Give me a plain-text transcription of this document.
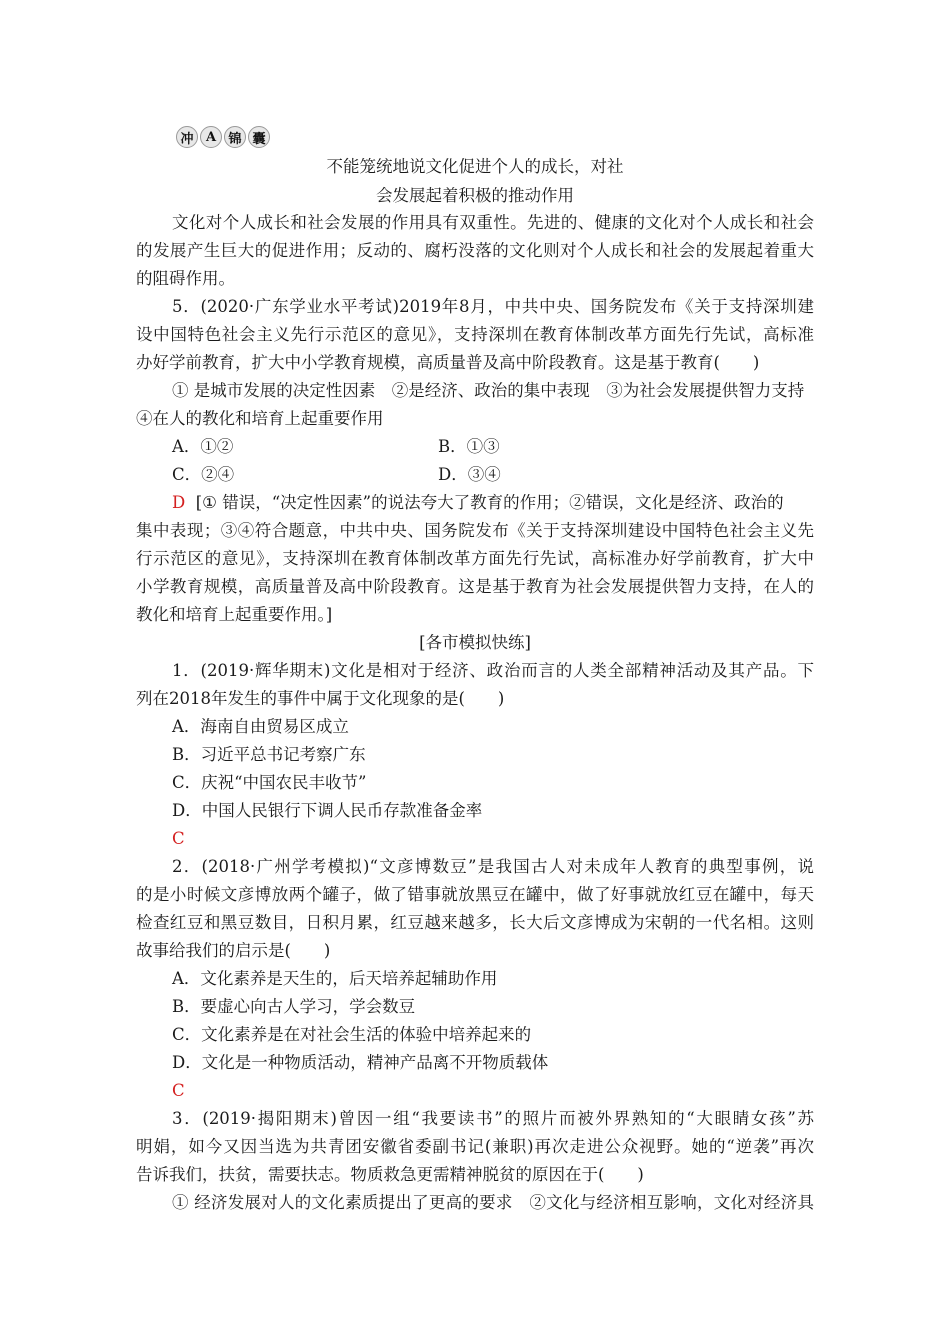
冲 A 锦 囊
不能笼统地说文化促进个人的成长，对社
会发展起着积极的推动作用
文化对个人成长和社会发展的作用具有双重性。先进的、健康的文化对个人成长和社会
的发展产生巨大的促进作用；反动的、腐朽没落的文化则对个人成长和社会的发展起着重大
的阻碍作用。
5．(2020·广东学业水平考试)2019年8月，中共中央、国务院发布《关于支持深圳建
设中国特色社会主义先行示范区的意见》，支持深圳在教育体制改革方面先行先试，高标准
办好学前教育，扩大中小学教育规模，高质量普及高中阶段教育。这是基于教育(　　)
① 是城市发展的决定性因素　②是经济、政治的集中表现　③为社会发展提供智力支持
④在人的教化和培育上起重要作用
A．①②	B．①③
C．②④	D．③④
D [① 错误，“决定性因素”的说法夸大了教育的作用；②错误，文化是经济、政治的
集中表现；③④符合题意，中共中央、国务院发布《关于支持深圳建设中国特色社会主义先
行示范区的意见》，支持深圳在教育体制改革方面先行先试，高标准办好学前教育，扩大中
小学教育规模，高质量普及高中阶段教育。这是基于教育为社会发展提供智力支持，在人的
教化和培育上起重要作用。]
[各市模拟快练]
1．(2019·辉华期末)文化是相对于经济、政治而言的人类全部精神活动及其产品。下
列在2018年发生的事件中属于文化现象的是(　　)
A．海南自由贸易区成立
B．习近平总书记考察广东
C．庆祝“中国农民丰收节”
D．中国人民银行下调人民币存款准备金率
C
2．(2018·广州学考模拟)“文彦博数豆”是我国古人对未成年人教育的典型事例，说
的是小时候文彦博放两个罐子，做了错事就放黑豆在罐中，做了好事就放红豆在罐中，每天
检查红豆和黑豆数目，日积月累，红豆越来越多，长大后文彦博成为宋朝的一代名相。这则
故事给我们的启示是(　　)
A．文化素养是天生的，后天培养起辅助作用
B．要虚心向古人学习，学会数豆
C．文化素养是在对社会生活的体验中培养起来的
D．文化是一种物质活动，精神产品离不开物质载体
C
3．(2019·揭阳期末)曾因一组“我要读书”的照片而被外界熟知的“大眼睛女孩”苏
明娟，如今又因当选为共青团安徽省委副书记(兼职)再次走进公众视野。她的“逆袭”再次
告诉我们，扶贫，需要扶志。物质救急更需精神脱贫的原因在于(　　)
① 经济发展对人的文化素质提出了更高的要求　②文化与经济相互影响，文化对经济具
